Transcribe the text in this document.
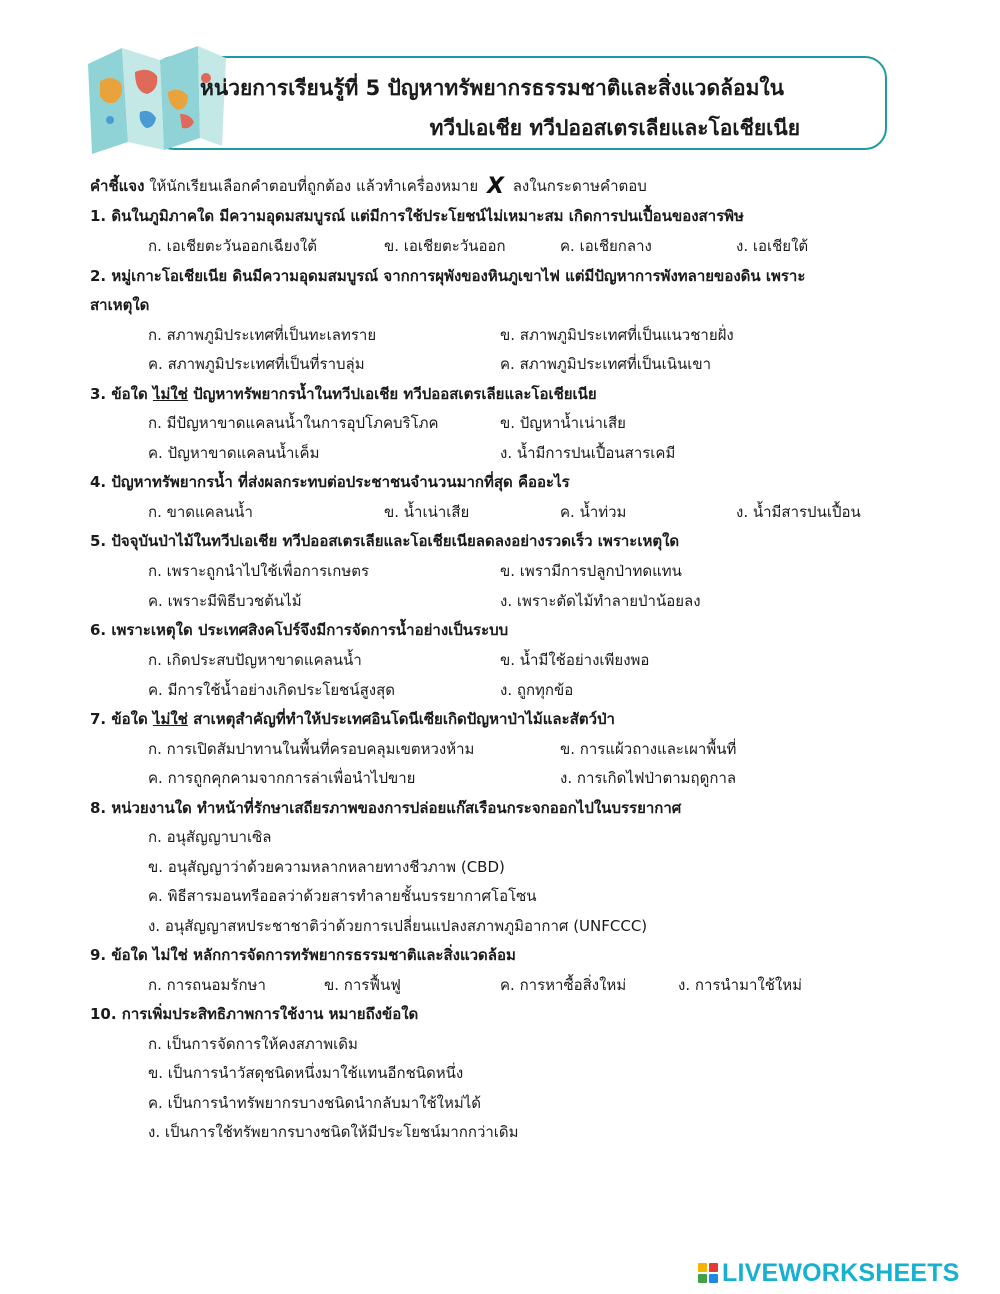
หน่วยการเรียนรู้ที่ 5 ปัญหาทรัพยากรธรรมชาติและสิ่งแวดล้อมใน
ทวีปเอเชีย ทวีปออสเตรเลียและโอเชียเนีย
คำชี้แจง ให้นักเรียนเลือกคำตอบที่ถูกต้อง แล้วทำเครื่องหมาย X ลงในกระดาษคำตอบ
1. ดินในภูมิภาคใด มีความอุดมสมบูรณ์ แต่มีการใช้ประโยชน์ไม่เหมาะสม เกิดการปนเปื้อนของสารพิษ
ก. เอเชียตะวันออกเฉียงใต้	ข. เอเชียตะวันออก	ค. เอเชียกลาง	ง. เอเชียใต้
2. หมู่เกาะโอเชียเนีย ดินมีความอุดมสมบูรณ์ จากการผุพังของหินภูเขาไฟ แต่มีปัญหาการพังทลายของดิน เพราะ
สาเหตุใด
ก. สภาพภูมิประเทศที่เป็นทะเลทราย	ข. สภาพภูมิประเทศที่เป็นแนวชายฝั่ง
ค. สภาพภูมิประเทศที่เป็นที่ราบลุ่ม	ค. สภาพภูมิประเทศที่เป็นเนินเขา
3. ข้อใด ไม่ใช่ ปัญหาทรัพยากรน้ำในทวีปเอเชีย ทวีปออสเตรเลียและโอเชียเนีย
ก. มีปัญหาขาดแคลนน้ำในการอุปโภคบริโภค	ข. ปัญหาน้ำเน่าเสีย
ค. ปัญหาขาดแคลนน้ำเค็ม	ง. น้ำมีการปนเปื้อนสารเคมี
4. ปัญหาทรัพยากรน้ำ ที่ส่งผลกระทบต่อประชาชนจำนวนมากที่สุด คืออะไร
ก. ขาดแคลนน้ำ	ข. น้ำเน่าเสีย	ค. น้ำท่วม	ง. น้ำมีสารปนเปื้อน
5. ปัจจุบันป่าไม้ในทวีปเอเชีย ทวีปออสเตรเลียและโอเชียเนียลดลงอย่างรวดเร็ว เพราะเหตุใด
ก. เพราะถูกนำไปใช้เพื่อการเกษตร	ข. เพรามีการปลูกป่าทดแทน
ค. เพราะมีพิธีบวชต้นไม้	ง. เพราะตัดไม้ทำลายป่าน้อยลง
6. เพราะเหตุใด ประเทศสิงคโปร์จึงมีการจัดการน้ำอย่างเป็นระบบ
ก. เกิดประสบปัญหาขาดแคลนน้ำ	ข. น้ำมีใช้อย่างเพียงพอ
ค. มีการใช้น้ำอย่างเกิดประโยชน์สูงสุด	ง. ถูกทุกข้อ
7. ข้อใด ไม่ใช่ สาเหตุสำคัญที่ทำให้ประเทศอินโดนีเซียเกิดปัญหาป่าไม้และสัตว์ป่า
ก. การเปิดสัมปาทานในพื้นที่ครอบคลุมเขตหวงห้าม	ข. การแผ้วถางและเผาพื้นที่
ค. การถูกคุกคามจากการล่าเพื่อนำไปขาย	ง. การเกิดไฟป่าตามฤดูกาล
8. หน่วยงานใด ทำหน้าที่รักษาเสถียรภาพของการปล่อยแก๊สเรือนกระจกออกไปในบรรยากาศ
ก. อนุสัญญาบาเซิล
ข. อนุสัญญาว่าด้วยความหลากหลายทางชีวภาพ (CBD)
ค. พิธีสารมอนทรีออลว่าด้วยสารทำลายชั้นบรรยากาศโอโซน
ง. อนุสัญญาสหประชาชาติว่าด้วยการเปลี่ยนแปลงสภาพภูมิอากาศ (UNFCCC)
9. ข้อใด ไม่ใช่ หลักการจัดการทรัพยากรธรรมชาติและสิ่งแวดล้อม
ก. การถนอมรักษา	ข. การฟื้นฟู	ค. การหาซื้อสิ่งใหม่	ง. การนำมาใช้ใหม่
10. การเพิ่มประสิทธิภาพการใช้งาน หมายถึงข้อใด
ก. เป็นการจัดการให้คงสภาพเดิม
ข. เป็นการนำวัสดุชนิดหนึ่งมาใช้แทนอีกชนิดหนึ่ง
ค. เป็นการนำทรัพยากรบางชนิดนำกลับมาใช้ใหม่ได้
ง. เป็นการใช้ทรัพยากรบางชนิดให้มีประโยชน์มากกว่าเดิม
LIVEWORKSHEETS
